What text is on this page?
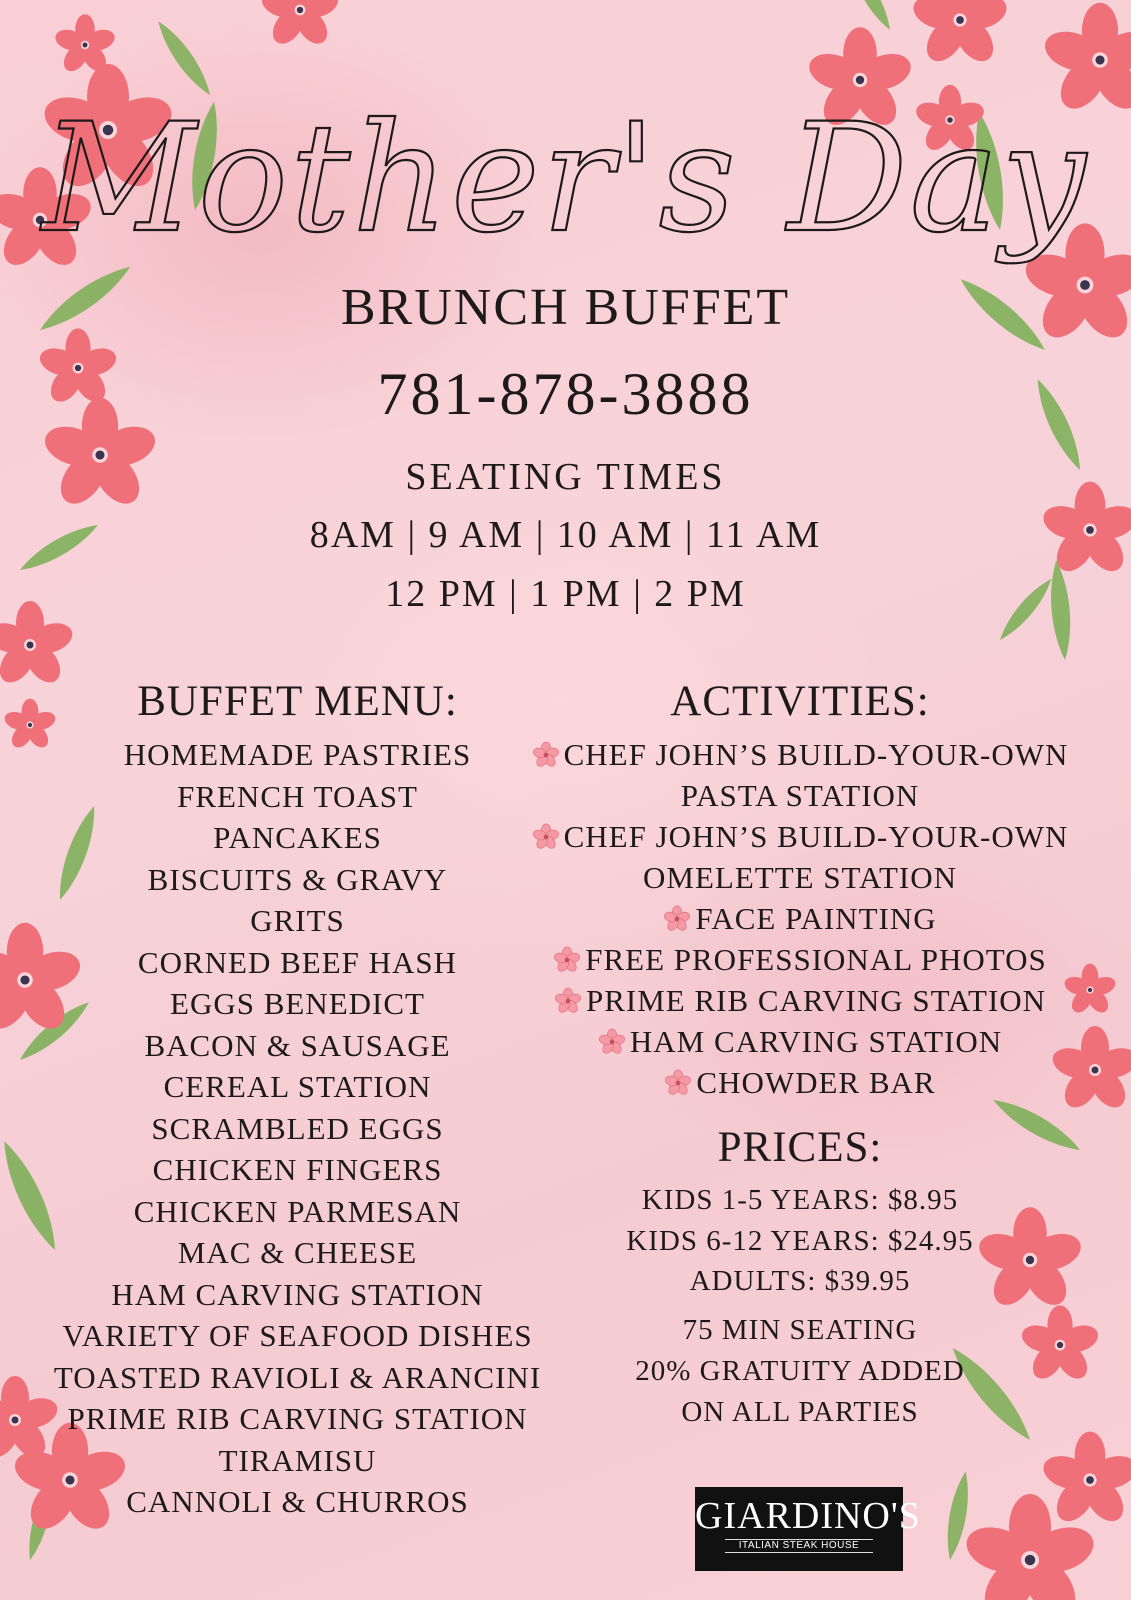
Mother's Day
BRUNCH BUFFET
781-878-3888
SEATING TIMES
8AM | 9 AM | 10 AM | 11 AM
12 PM | 1 PM | 2 PM
BUFFET MENU:
HOMEMADE PASTRIES
FRENCH TOAST
PANCAKES
BISCUITS & GRAVY
GRITS
CORNED BEEF HASH
EGGS BENEDICT
BACON & SAUSAGE
CEREAL STATION
SCRAMBLED EGGS
CHICKEN FINGERS
CHICKEN PARMESAN
MAC & CHEESE
HAM CARVING STATION
VARIETY OF SEAFOOD DISHES
TOASTED RAVIOLI & ARANCINI
PRIME RIB CARVING STATION
TIRAMISU
CANNOLI & CHURROS
ACTIVITIES:
CHEF JOHN’S BUILD-YOUR-OWN
PASTA STATION
CHEF JOHN’S BUILD-YOUR-OWN
OMELETTE STATION
FACE PAINTING
FREE PROFESSIONAL PHOTOS
PRIME RIB CARVING STATION
HAM CARVING STATION
CHOWDER BAR
PRICES:
KIDS 1-5 YEARS: $8.95
KIDS 6-12 YEARS: $24.95
ADULTS: $39.95
75 MIN SEATING
20% GRATUITY ADDED
ON ALL PARTIES
GIARDINO'S
ITALIAN STEAK HOUSE
